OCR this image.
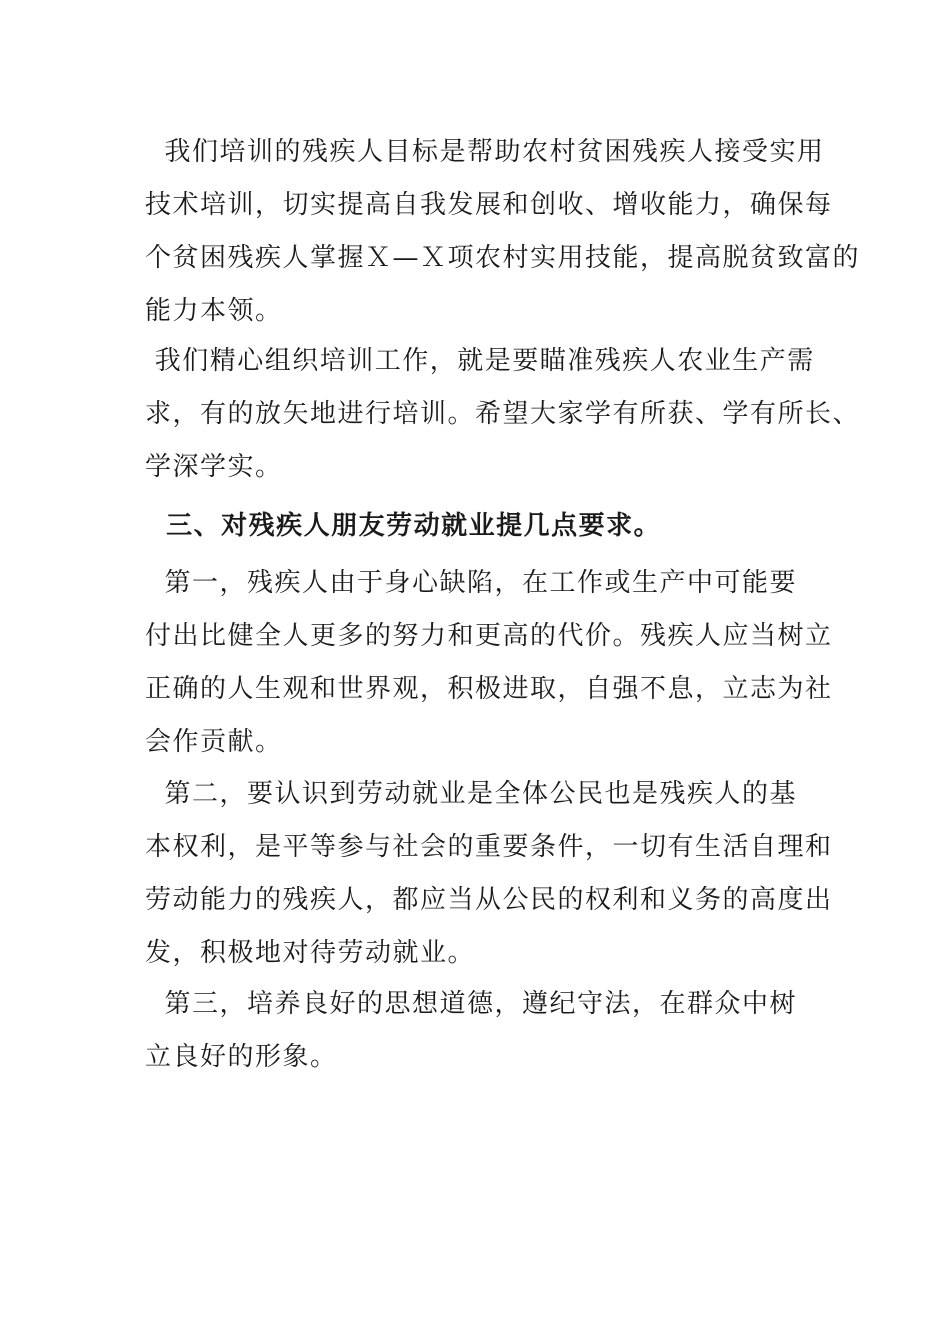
我们培训的残疾人目标是帮助农村贫困残疾人接受实用
技术培训，切实提高自我发展和创收、增收能力，确保每
个贫困残疾人掌握Ｘ—Ｘ项农村实用技能，提高脱贫致富的
能力本领。
我们精心组织培训工作，就是要瞄准残疾人农业生产需
求，有的放矢地进行培训。希望大家学有所获、学有所长、
学深学实。
三、对残疾人朋友劳动就业提几点要求。
第一，残疾人由于身心缺陷，在工作或生产中可能要
付出比健全人更多的努力和更高的代价。残疾人应当树立
正确的人生观和世界观，积极进取，自强不息，立志为社
会作贡献。
第二，要认识到劳动就业是全体公民也是残疾人的基
本权利，是平等参与社会的重要条件，一切有生活自理和
劳动能力的残疾人，都应当从公民的权利和义务的高度出
发，积极地对待劳动就业。
第三，培养良好的思想道德，遵纪守法，在群众中树
立良好的形象。
